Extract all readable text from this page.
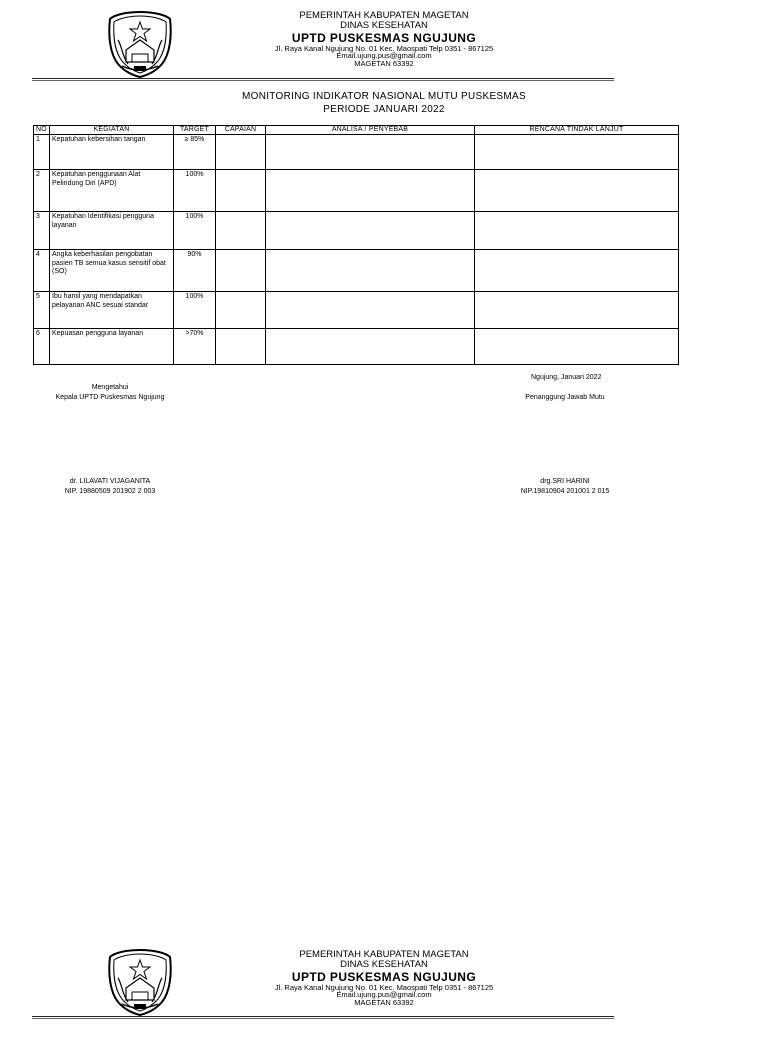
PEMERINTAH KABUPATEN MAGETAN
DINAS KESEHATAN
UPTD PUSKESMAS NGUJUNG
Jl. Raya Kanal Ngujung No. 01 Kec. Maospati Telp 0351 - 867125
Email.ujung.pus@gmail.com
MAGETAN 63392
MONITORING INDIKATOR NASIONAL MUTU PUSKESMAS
PERIODE JANUARI 2022
NO	KEGIATAN	TARGET	CAPAIAN	ANALISA / PENYEBAB	RENCANA TINDAK LANJUT
1	Kepatuhan kebersihan tangan	≥ 85%			
2	Kepatuhan penggunaan Alat Pelindung Diri (APD)	100%			
3	Kepatuhan Identifikasi pengguna layanan	100%			
4	Angka keberhasilan pengobatan pasien TB semua kasus sensitif obat (SO)	90%			
5	Ibu hamil yang mendapatkan pelayanan ANC sesuai standar	100%			
6	Kepuasan pengguna layanan	>70%			
Ngujung, Januari 2022
Mengetahui
Kepala UPTD Puskesmas Ngujung	Penanggung Jawab Mutu
dr. LILAVATI VIJAGANITA
NIP. 19880509 201902 2 003
drg.SRI HARINI
NIP.19810904 201001 2 015
PEMERINTAH KABUPATEN MAGETAN
DINAS KESEHATAN
UPTD PUSKESMAS NGUJUNG
Jl. Raya Kanal Ngujung No. 01 Kec. Maospati Telp 0351 - 867125
Email.ujung.pus@gmail.com
MAGETAN 63392
